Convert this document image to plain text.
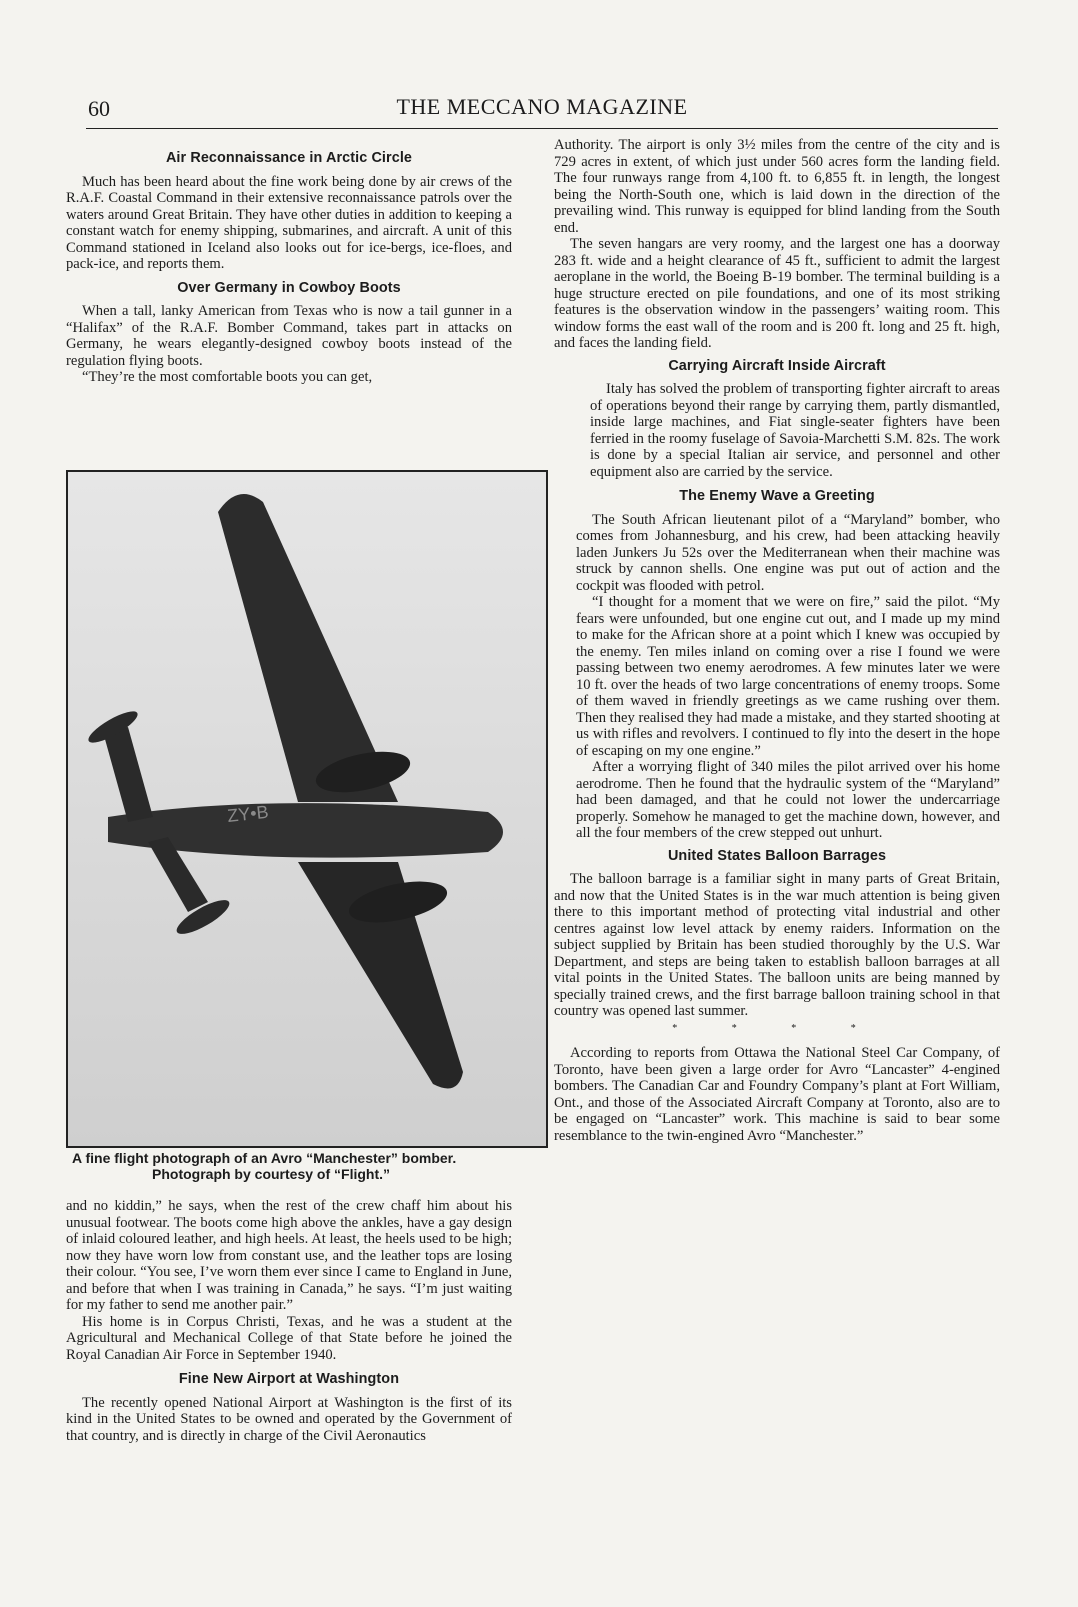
60	THE MECCANO MAGAZINE
Air Reconnaissance in Arctic Circle

Much has been heard about the fine work being done by air crews of the R.A.F. Coastal Command in their extensive reconnaissance patrols over the waters around Great Britain. They have other duties in addition to keeping a constant watch for enemy shipping, submarines, and aircraft. A unit of this Command stationed in Iceland also looks out for ice-bergs, ice-floes, and pack-ice, and reports them.

Over Germany in Cowboy Boots

When a tall, lanky American from Texas who is now a tail gunner in a “Halifax” of the R.A.F. Bomber Command, takes part in attacks on Germany, he wears elegantly-designed cowboy boots instead of the regulation flying boots.

“They’re the most comfortable boots you can get,

ZY•B
A fine flight photograph of an Avro “Manchester” bomber.
Photograph by courtesy of “Flight.”

and no kiddin,” he says, when the rest of the crew chaff him about his unusual footwear. The boots come high above the ankles, have a gay design of inlaid coloured leather, and high heels. At least, the heels used to be high; now they have worn low from constant use, and the leather tops are losing their colour. “You see, I’ve worn them ever since I came to England in June, and before that when I was training in Canada,” he says. “I’m just waiting for my father to send me another pair.”

His home is in Corpus Christi, Texas, and he was a student at the Agricultural and Mechanical College of that State before he joined the Royal Canadian Air Force in September 1940.

Fine New Airport at Washington

The recently opened National Airport at Washington is the first of its kind in the United States to be owned and operated by the Government of that country, and is directly in charge of the Civil Aeronautics

Authority. The airport is only 3½ miles from the centre of the city and is 729 acres in extent, of which just under 560 acres form the landing field. The four runways range from 4,100 ft. to 6,855 ft. in length, the longest being the North-South one, which is laid down in the direction of the prevailing wind. This runway is equipped for blind landing from the South end.

The seven hangars are very roomy, and the largest one has a doorway 283 ft. wide and a height clearance of 45 ft., sufficient to admit the largest aeroplane in the world, the Boeing B-19 bomber. The terminal building is a huge structure erected on pile foundations, and one of its most striking features is the observation window in the passengers’ waiting room. This window forms the east wall of the room and is 200 ft. long and 25 ft. high, and faces the landing field.

Carrying Aircraft Inside Aircraft

Italy has solved the problem of transporting fighter aircraft to areas of operations beyond their range by carrying them, partly dismantled, inside large machines, and Fiat single-seater fighters have been ferried in the roomy fuselage of Savoia-Marchetti S.M. 82s. The work is done by a special Italian air service, and personnel and other equipment also are carried by the service.

The Enemy Wave a Greeting

The South African lieutenant pilot of a “Maryland” bomber, who comes from Johannesburg, and his crew, had been attacking heavily laden Junkers Ju 52s over the Mediterranean when their machine was struck by cannon shells. One engine was put out of action and the cockpit was flooded with petrol.

“I thought for a moment that we were on fire,” said the pilot. “My fears were unfounded, but one engine cut out, and I made up my mind to make for the African shore at a point which I knew was occupied by the enemy. Ten miles inland on coming over a rise I found we were passing between two enemy aerodromes. A few minutes later we were 10 ft. over the heads of two large concentrations of enemy troops. Some of them waved in friendly greetings as we came rushing over them. Then they realised they had made a mistake, and they started shooting at us with rifles and revolvers. I continued to fly into the desert in the hope of escaping on my one engine.”

After a worrying flight of 340 miles the pilot arrived over his home aerodrome. Then he found that the hydraulic system of the “Maryland” had been damaged, and that he could not lower the undercarriage properly. Somehow he managed to get the machine down, however, and all the four members of the crew stepped out unhurt.

United States Balloon Barrages

The balloon barrage is a familiar sight in many parts of Great Britain, and now that the United States is in the war much attention is being given there to this important method of protecting vital industrial and other centres against low level attack by enemy raiders. Information on the subject supplied by Britain has been studied thoroughly by the U.S. War Department, and steps are being taken to establish balloon barrages at all vital points in the United States. The balloon units are being manned by specially trained crews, and the first barrage balloon training school in that country was opened last summer.

* * * *

According to reports from Ottawa the National Steel Car Company, of Toronto, have been given a large order for Avro “Lancaster” 4-engined bombers. The Canadian Car and Foundry Company’s plant at Fort William, Ont., and those of the Associated Aircraft Company at Toronto, also are to be engaged on “Lancaster” work. This machine is said to bear some resemblance to the twin-engined Avro “Manchester.”
